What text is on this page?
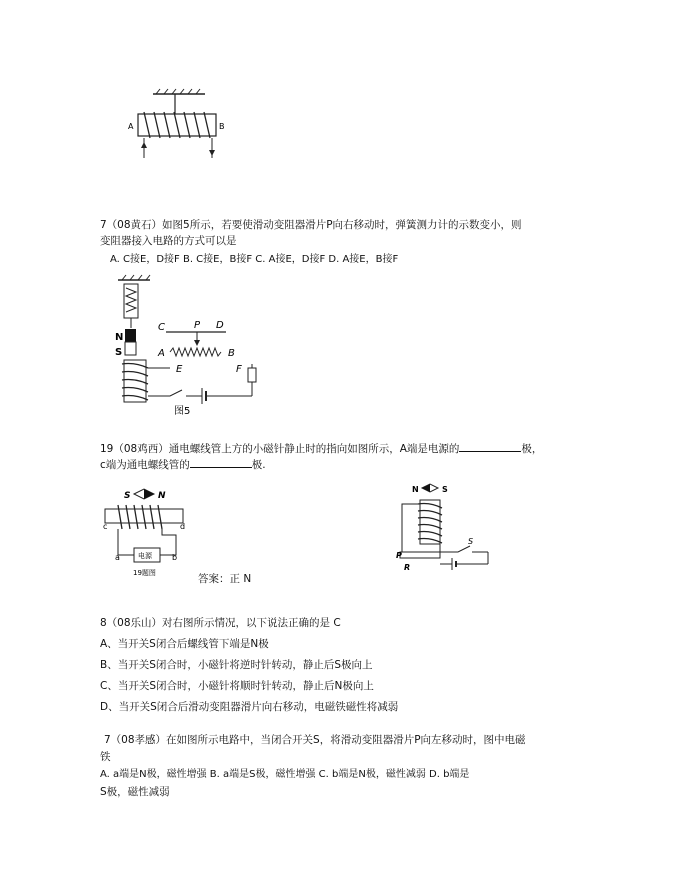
A	B
7（08黄石）如图5所示，若要使滑动变阻器滑片P向右移动时，弹簧测力计的示数变小，则
变阻器接入电路的方式可以是
A. C接E，D接F B. C接E，B接F C. A接E，D接F D. A接E，B接F
N
S
C	P D
A	B
E	F
图5
19（08鸡西）通电螺线管上方的小磁针静止时的指向如图所示，A端是电源的	极，
c端为通电螺线管的	极.
S	N
c	d
电源
a	b
19题图	答案：正 N
N	S
S
P
R
8（08乐山）对右图所示情况，以下说法正确的是 C
A、当开关S闭合后螺线管下端是N极
B、当开关S闭合时，小磁针将逆时针转动，静止后S极向上
C、当开关S闭合时，小磁针将顺时针转动，静止后N极向上
D、当开关S闭合后滑动变阻器滑片向右移动，电磁铁磁性将减弱
7（08孝感）在如图所示电路中，当闭合开关S，将滑动变阻器滑片P向左移动时，图中电磁
铁
A. a端是N极，磁性增强 B. a端是S极，磁性增强 C. b端是N极，磁性减弱 D. b端是
S极，磁性减弱
